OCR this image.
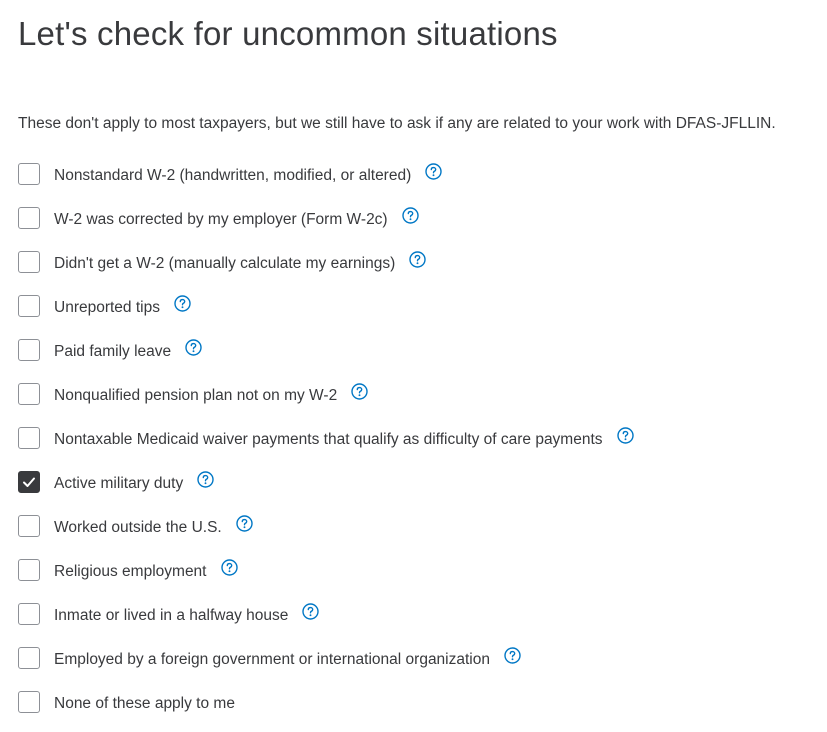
Let's check for uncommon situations

These don't apply to most taxpayers, but we still have to ask if any are related to your work with DFAS-JFLLIN.

Nonstandard W-2 (handwritten, modified, or altered)
W-2 was corrected by my employer (Form W-2c)
Didn't get a W-2 (manually calculate my earnings)
Unreported tips
Paid family leave
Nonqualified pension plan not on my W-2
Nontaxable Medicaid waiver payments that qualify as difficulty of care payments
Active military duty
Worked outside the U.S.
Religious employment
Inmate or lived in a halfway house
Employed by a foreign government or international organization
None of these apply to me
